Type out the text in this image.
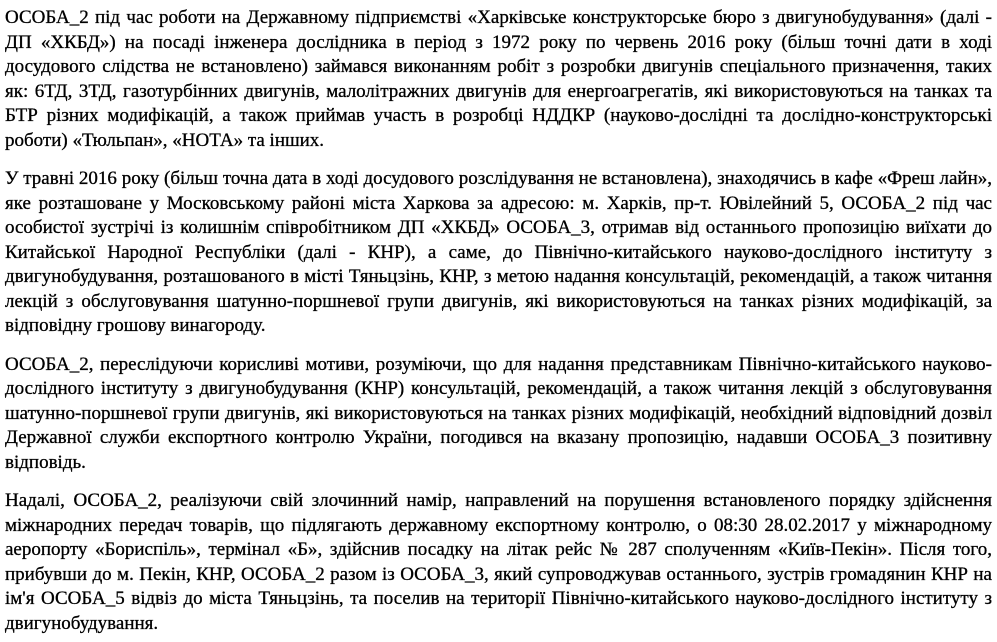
ОСОБА_2 під час роботи на Державному підприємстві «Харківське конструкторське бюро з двигунобудування» (далі - ДП «ХКБД») на посаді інженера дослідника в період з 1972 року по червень 2016 року (більш точні дати в ході досудового слідства не встановлено) займався виконанням робіт з розробки двигунів спеціального призначення, таких як: 6ТД, 3ТД, газотурбінних двигунів, малолітражних двигунів для енергоагрегатів, які використовуються на танках та БТР різних модифікацій, а також приймав участь в розробці НДДКР (науково-дослідні та дослідно-конструкторські роботи) «Тюльпан», «НОТА» та інших.

У травні 2016 року (більш точна дата в ході досудового розслідування не встановлена), знаходячись в кафе «Фреш лайн», яке розташоване у Московському районі міста Харкова за адресою: м. Харків, пр-т. Ювілейний 5, ОСОБА_2 під час особистої зустрічі із колишнім співробітником ДП «ХКБД» ОСОБА_3, отримав від останнього пропозицію виїхати до Китайської Народної Республіки (далі - КНР), а саме, до Північно-китайського науково-дослідного інституту з двигунобудування, розташованого в місті Тяньцзінь, КНР, з метою надання консультацій, рекомендацій, а також читання лекцій з обслуговування шатунно-поршневої групи двигунів, які використовуються на танках різних модифікацій, за відповідну грошову винагороду.

ОСОБА_2, переслідуючи корисливі мотиви, розуміючи, що для надання представникам Північно-китайського науково-дослідного інституту з двигунобудування (КНР) консультацій, рекомендацій, а також читання лекцій з обслуговування шатунно-поршневої групи двигунів, які використовуються на танках різних модифікацій, необхідний відповідний дозвіл Державної служби експортного контролю України, погодився на вказану пропозицію, надавши ОСОБА_3 позитивну відповідь.

Надалі, ОСОБА_2, реалізуючи свій злочинний намір, направлений на порушення встановленого порядку здійснення міжнародних передач товарів, що підлягають державному експортному контролю, о 08:30 28.02.2017 у міжнародному аеропорту «Бориспіль», термінал «Б», здійснив посадку на літак рейс № 287 сполученням «Київ-Пекін». Після того, прибувши до м. Пекін, КНР, ОСОБА_2 разом із ОСОБА_3, який супроводжував останнього, зустрів громадянин КНР на ім'я ОСОБА_5 відвіз до міста Тяньцзінь, та поселив на території Північно-китайського науково-дослідного інституту з двигунобудування.
